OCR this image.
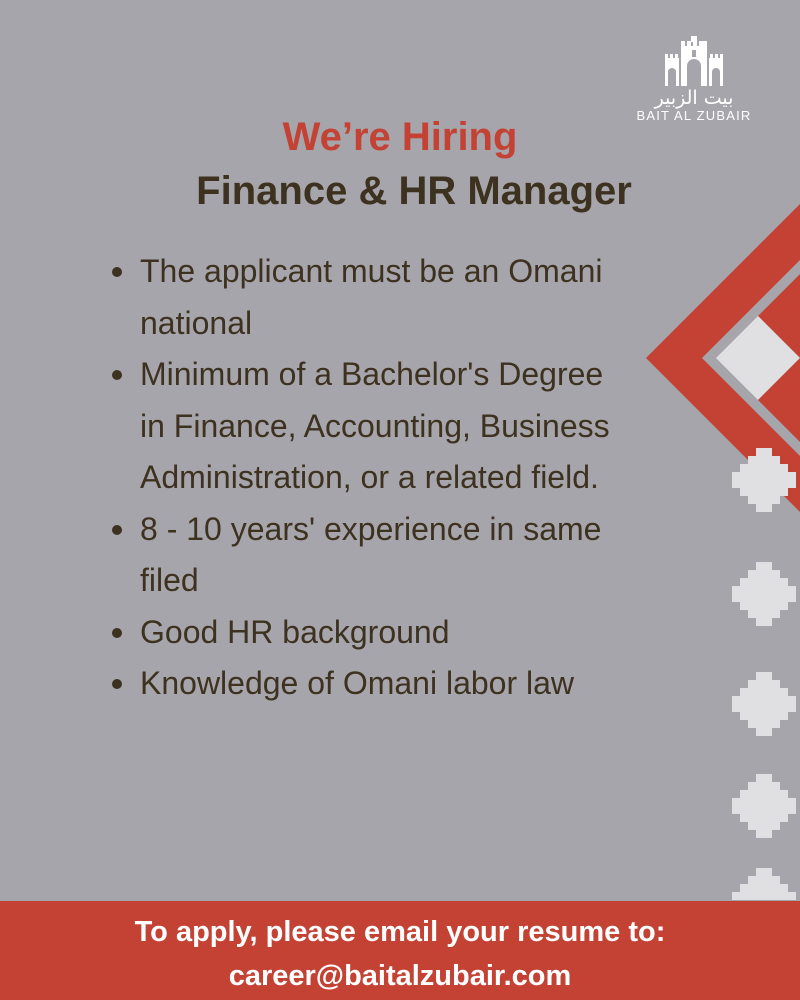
بيت الزبير
BAIT AL ZUBAIR
We’re Hiring
Finance & HR Manager
The applicant must be an Omani national
Minimum of a Bachelor's Degree in Finance, Accounting, Business Administration, or a related field.
8 - 10 years' experience in same filed
Good HR background
Knowledge of Omani labor law
To apply, please email your resume to:
career@baitalzubair.com
